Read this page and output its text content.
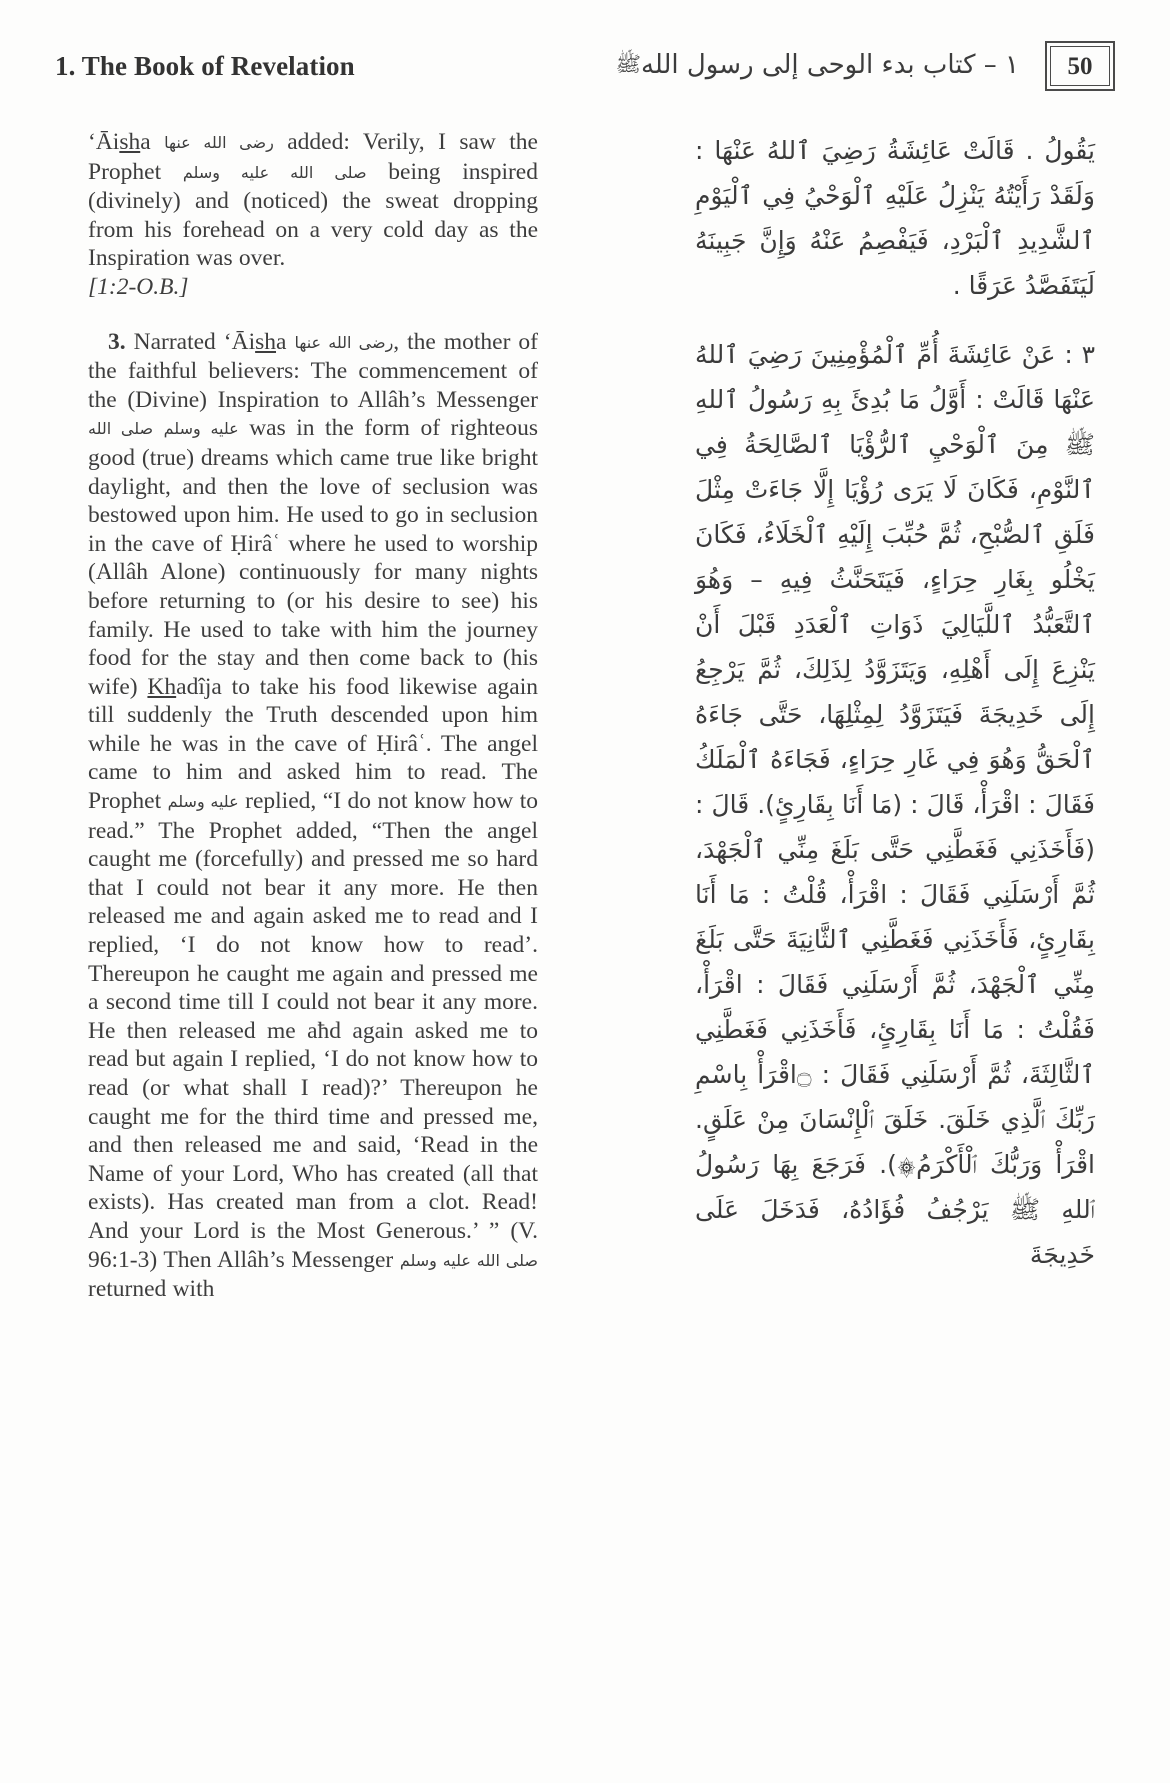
1. The Book of Revelation	١ – كتاب بدء الوحى إلى رسول اللهﷺ	50

‘Āisha رضى الله عنها added: Verily, I saw the Prophet صلى الله عليه وسلم being inspired (divinely) and (noticed) the sweat dropping from his forehead on a very cold day as the Inspiration was over.
[1:2-O.B.]

3. Narrated ‘Āisha رضى الله عنها, the mother of the faithful believers: The commencement of the (Divine) Inspiration to Allâh’s Messenger صلى الله عليه وسلم was in the form of righteous good (true) dreams which came true like bright daylight, and then the love of seclusion was bestowed upon him. He used to go in seclusion in the cave of Ḥirâʿ where he used to worship (Allâh Alone) continuously for many nights before returning to (or his desire to see) his family. He used to take with him the journey food for the stay and then come back to (his wife) Khadîja to take his food likewise again till suddenly the Truth descended upon him while he was in the cave of Ḥirâʿ. The angel came to him and asked him to read. The Prophet عليه وسلم replied, “I do not know how to read.” The Prophet added, “Then the angel caught me (forcefully) and pressed me so hard that I could not bear it any more. He then released me and again asked me to read and I replied, ‘I do not know how to read’. Thereupon he caught me again and pressed me a second time till I could not bear it any more. He then released me aħd again asked me to read but again I replied, ‘I do not know how to read (or what shall I read)?’ Thereupon he caught me for the third time and pressed me, and then released me and said, ‘Read in the Name of your Lord, Who has created (all that exists). Has created man from a clot. Read! And your Lord is the Most Generous.’ ” (V. 96:1-3) Then Allâh’s Messenger صلى الله عليه وسلم returned with

يَقُولُ . قَالَتْ عَائِشَةُ رَضِيَ ٱللهُ عَنْهَا : وَلَقَدْ رَأَيْتُهُ يَنْزِلُ عَلَيْهِ ٱلْوَحْيُ فِي ٱلْيَوْمِ ٱلشَّدِيدِ ٱلْبَرْدِ، فَيَفْصِمُ عَنْهُ وَإِنَّ جَبِينَهُ لَيَتَفَصَّدُ عَرَقًا .

٣ : عَنْ عَائِشَةَ أُمِّ ٱلْمُؤْمِنِينَ رَضِيَ ٱللهُ عَنْهَا قَالَتْ : أَوَّلُ مَا بُدِئَ بِهِ رَسُولُ ٱللهِ ﷺ مِنَ ٱلْوَحْيِ ٱلرُّؤْيَا ٱلصَّالِحَةُ فِي ٱلنَّوْمِ، فَكَانَ لَا يَرَى رُؤْيَا إِلَّا جَاءَتْ مِثْلَ فَلَقِ ٱلصُّبْحِ، ثُمَّ حُبِّبَ إِلَيْهِ ٱلْخَلَاءُ، فَكَانَ يَخْلُو بِغَارِ حِرَاءٍ، فَيَتَحَنَّثُ فِيهِ – وَهُوَ ٱلتَّعَبُّدُ ٱللَّيَالِيَ ذَوَاتِ ٱلْعَدَدِ قَبْلَ أَنْ يَنْزِعَ إِلَى أَهْلِهِ، وَيَتَزَوَّدُ لِذَلِكَ، ثُمَّ يَرْجِعُ إِلَى خَدِيجَةَ فَيَتَزَوَّدُ لِمِثْلِهَا، حَتَّى جَاءَهُ ٱلْحَقُّ وَهُوَ فِي غَارِ حِرَاءٍ، فَجَاءَهُ ٱلْمَلَكُ فَقَالَ : اقْرَأْ، قَالَ : (مَا أَنَا بِقَارِئٍ). قَالَ : (فَأَخَذَنِي فَغَطَّنِي حَتَّى بَلَغَ مِنِّي ٱلْجَهْدَ، ثُمَّ أَرْسَلَنِي فَقَالَ : اقْرَأْ، قُلْتُ : مَا أَنَا بِقَارِئٍ، فَأَخَذَنِي فَغَطَّنِي ٱلثَّانِيَةَ حَتَّى بَلَغَ مِنِّي ٱلْجَهْدَ، ثُمَّ أَرْسَلَنِي فَقَالَ : اقْرَأْ، فَقُلْتُ : مَا أَنَا بِقَارِئٍ، فَأَخَذَنِي فَغَطَّنِي ٱلثَّالِثَةَ، ثُمَّ أَرْسَلَنِي فَقَالَ : ۝اقْرَأْ بِاسْمِ رَبِّكَ ٱلَّذِي خَلَقَ. خَلَقَ ٱلْإِنْسَانَ مِنْ عَلَقٍ. اقْرَأْ وَرَبُّكَ ٱلْأَكْرَمُ۞). فَرَجَعَ بِهَا رَسُولُ ٱللهِ ﷺ يَرْجُفُ فُؤَادُهُ، فَدَخَلَ عَلَى خَدِيجَةَ
